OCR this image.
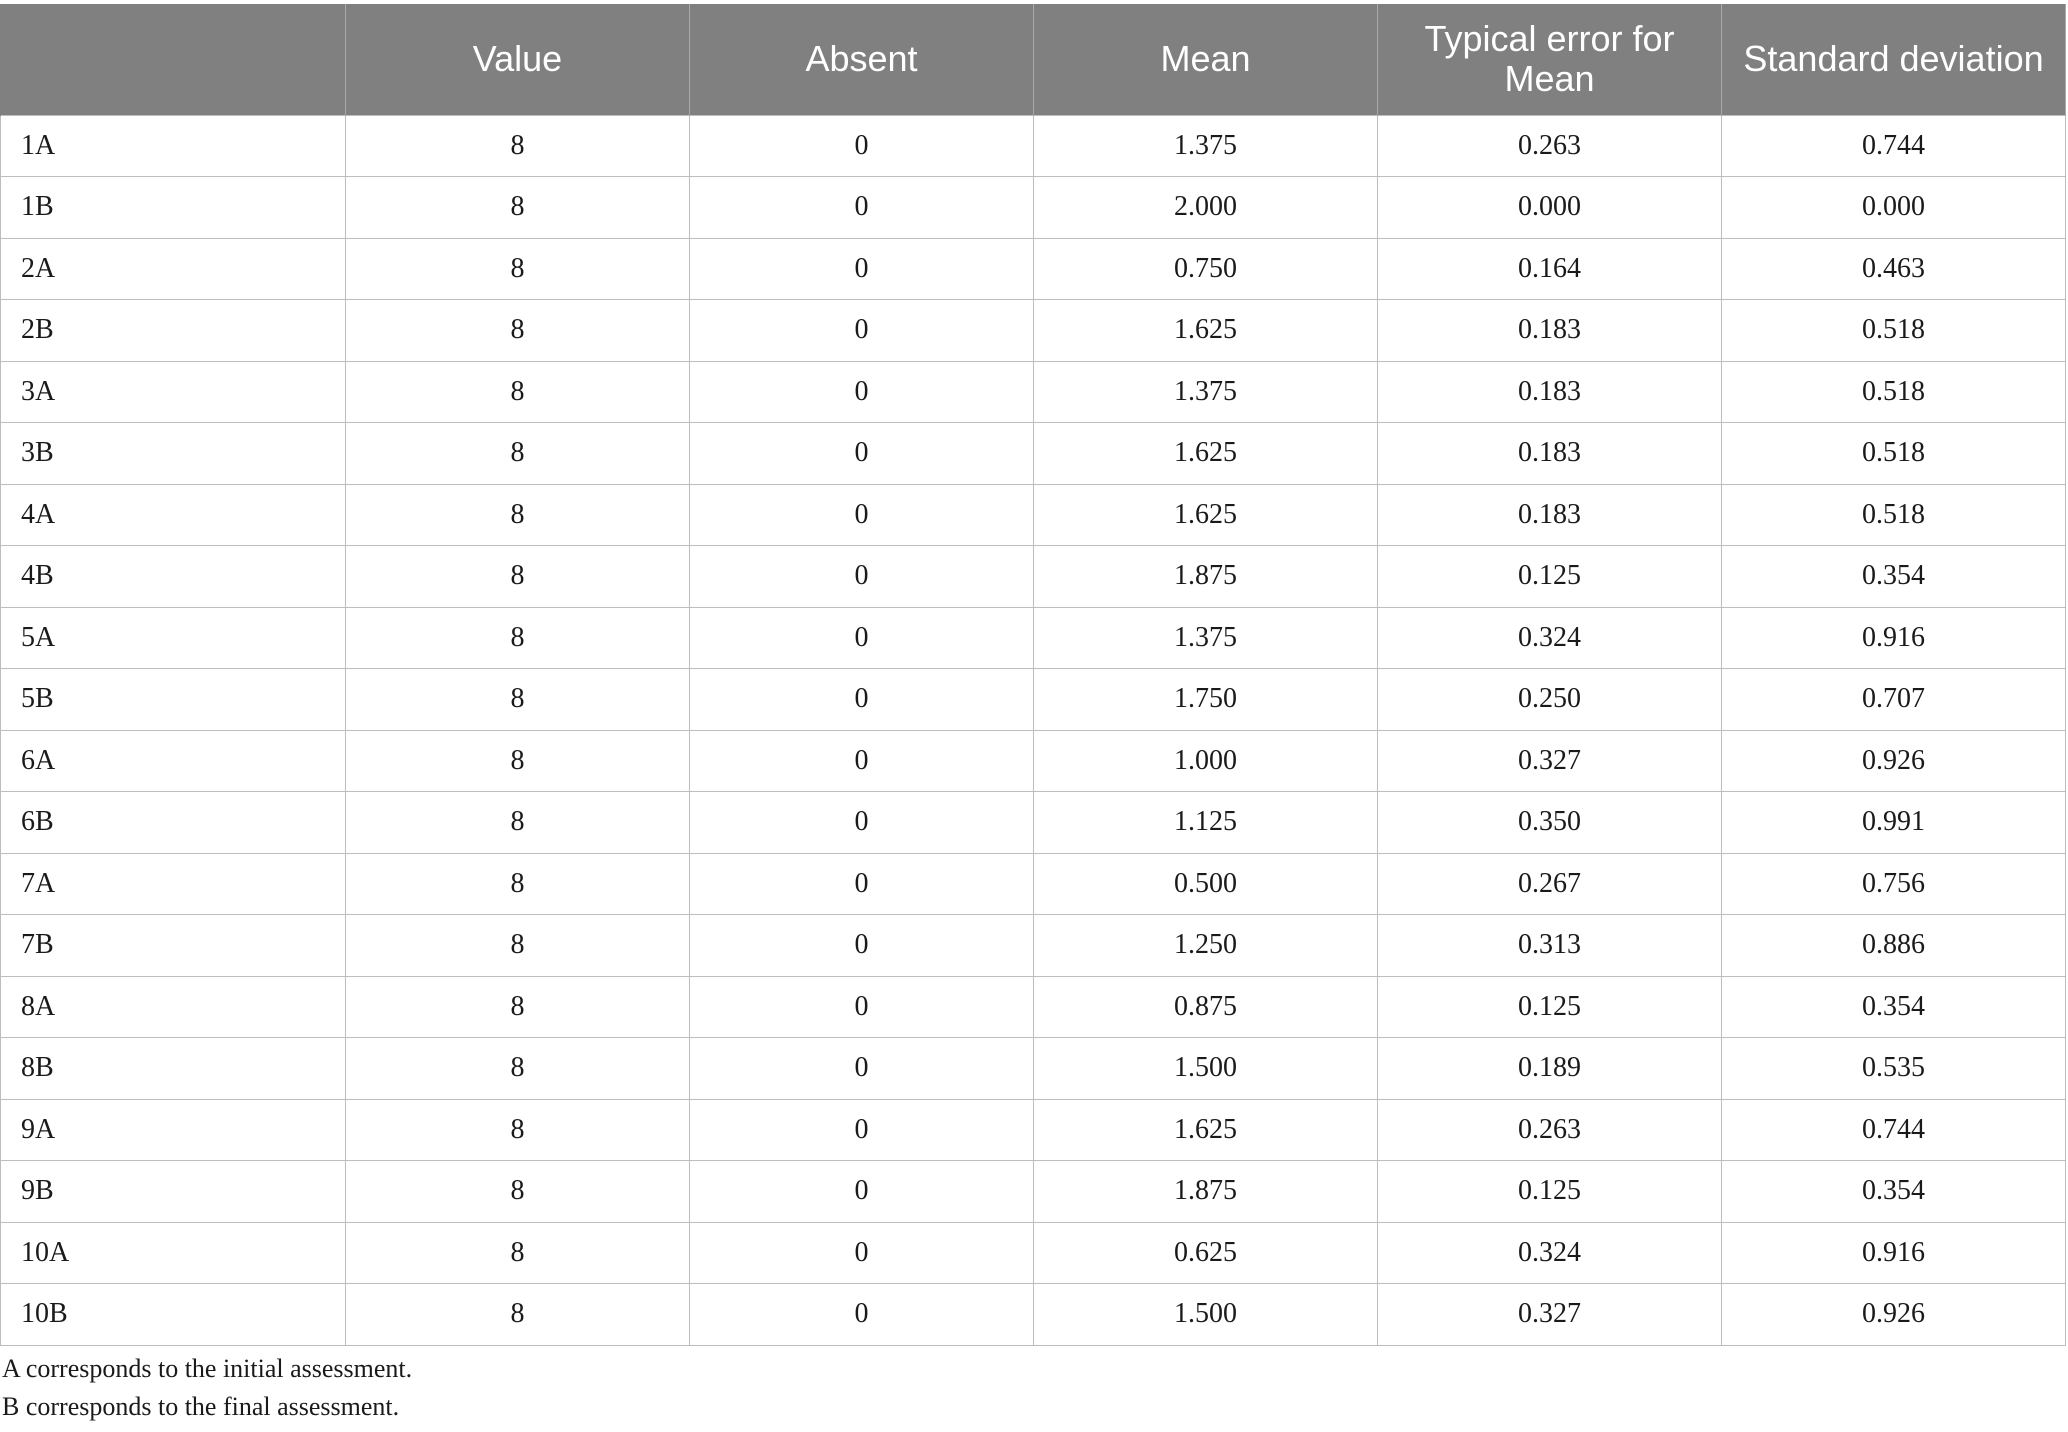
	Value	Absent	Mean	Typical error for Mean	Standard deviation
1A	8	0	1.375	0.263	0.744
1B	8	0	2.000	0.000	0.000
2A	8	0	0.750	0.164	0.463
2B	8	0	1.625	0.183	0.518
3A	8	0	1.375	0.183	0.518
3B	8	0	1.625	0.183	0.518
4A	8	0	1.625	0.183	0.518
4B	8	0	1.875	0.125	0.354
5A	8	0	1.375	0.324	0.916
5B	8	0	1.750	0.250	0.707
6A	8	0	1.000	0.327	0.926
6B	8	0	1.125	0.350	0.991
7A	8	0	0.500	0.267	0.756
7B	8	0	1.250	0.313	0.886
8A	8	0	0.875	0.125	0.354
8B	8	0	1.500	0.189	0.535
9A	8	0	1.625	0.263	0.744
9B	8	0	1.875	0.125	0.354
10A	8	0	0.625	0.324	0.916
10B	8	0	1.500	0.327	0.926
A corresponds to the initial assessment.
B corresponds to the final assessment.
